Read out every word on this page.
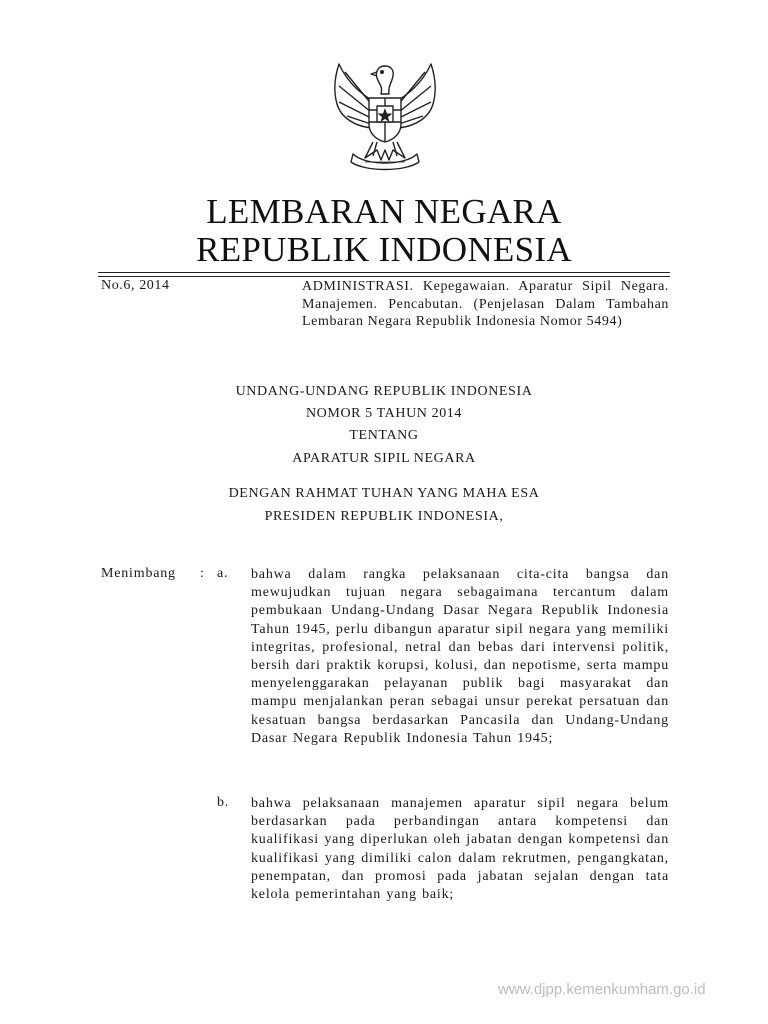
LEMBARAN NEGARA
REPUBLIK INDONESIA
No.6, 2014	ADMINISTRASI. Kepegawaian. Aparatur Sipil Negara. Manajemen. Pencabutan. (Penjelasan Dalam Tambahan Lembaran Negara Republik Indonesia Nomor 5494)
UNDANG-UNDANG REPUBLIK INDONESIA
NOMOR 5 TAHUN 2014
TENTANG
APARATUR SIPIL NEGARA
DENGAN RAHMAT TUHAN YANG MAHA ESA
PRESIDEN REPUBLIK INDONESIA,
Menimbang : a. bahwa dalam rangka pelaksanaan cita-cita bangsa dan mewujudkan tujuan negara sebagaimana tercantum dalam pembukaan Undang-Undang Dasar Negara Republik Indonesia Tahun 1945, perlu dibangun aparatur sipil negara yang memiliki integritas, profesional, netral dan bebas dari intervensi politik, bersih dari praktik korupsi, kolusi, dan nepotisme, serta mampu menyelenggarakan pelayanan publik bagi masyarakat dan mampu menjalankan peran sebagai unsur perekat persatuan dan kesatuan bangsa berdasarkan Pancasila dan Undang-Undang Dasar Negara Republik Indonesia Tahun 1945;
b. bahwa pelaksanaan manajemen aparatur sipil negara belum berdasarkan pada perbandingan antara kompetensi dan kualifikasi yang diperlukan oleh jabatan dengan kompetensi dan kualifikasi yang dimiliki calon dalam rekrutmen, pengangkatan, penempatan, dan promosi pada jabatan sejalan dengan tata kelola pemerintahan yang baik;
www.djpp.kemenkumham.go.id
